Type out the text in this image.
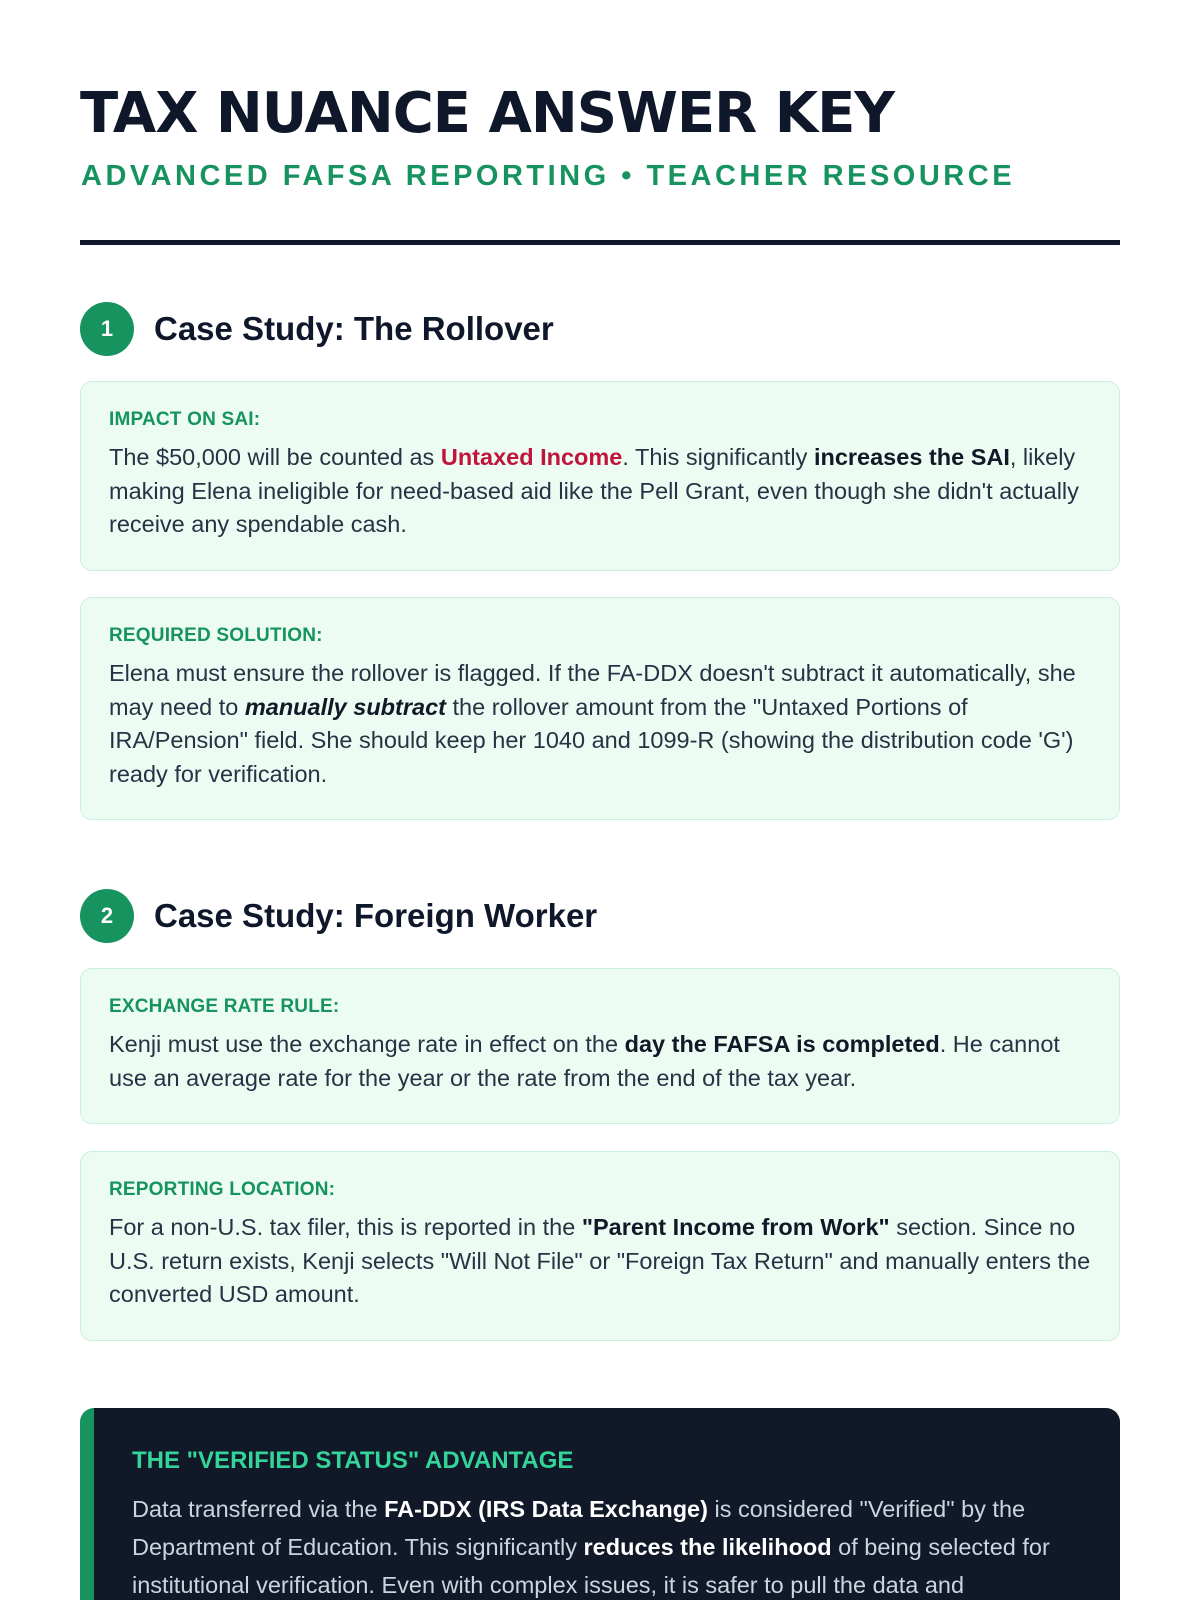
TAX NUANCE ANSWER KEY
ADVANCED FAFSA REPORTING • TEACHER RESOURCE
1	Case Study: The Rollover
IMPACT ON SAI:
The $50,000 will be counted as Untaxed Income. This significantly increases the SAI, likely making Elena ineligible for need-based aid like the Pell Grant, even though she didn't actually receive any spendable cash.
REQUIRED SOLUTION:
Elena must ensure the rollover is flagged. If the FA-DDX doesn't subtract it automatically, she may need to manually subtract the rollover amount from the "Untaxed Portions of IRA/Pension" field. She should keep her 1040 and 1099-R (showing the distribution code 'G') ready for verification.
2	Case Study: Foreign Worker
EXCHANGE RATE RULE:
Kenji must use the exchange rate in effect on the day the FAFSA is completed. He cannot use an average rate for the year or the rate from the end of the tax year.
REPORTING LOCATION:
For a non-U.S. tax filer, this is reported in the "Parent Income from Work" section. Since no U.S. return exists, Kenji selects "Will Not File" or "Foreign Tax Return" and manually enters the converted USD amount.
THE "VERIFIED STATUS" ADVANTAGE
Data transferred via the FA-DDX (IRS Data Exchange) is considered "Verified" by the Department of Education. This significantly reduces the likelihood of being selected for institutional verification. Even with complex issues, it is safer to pull the data and
